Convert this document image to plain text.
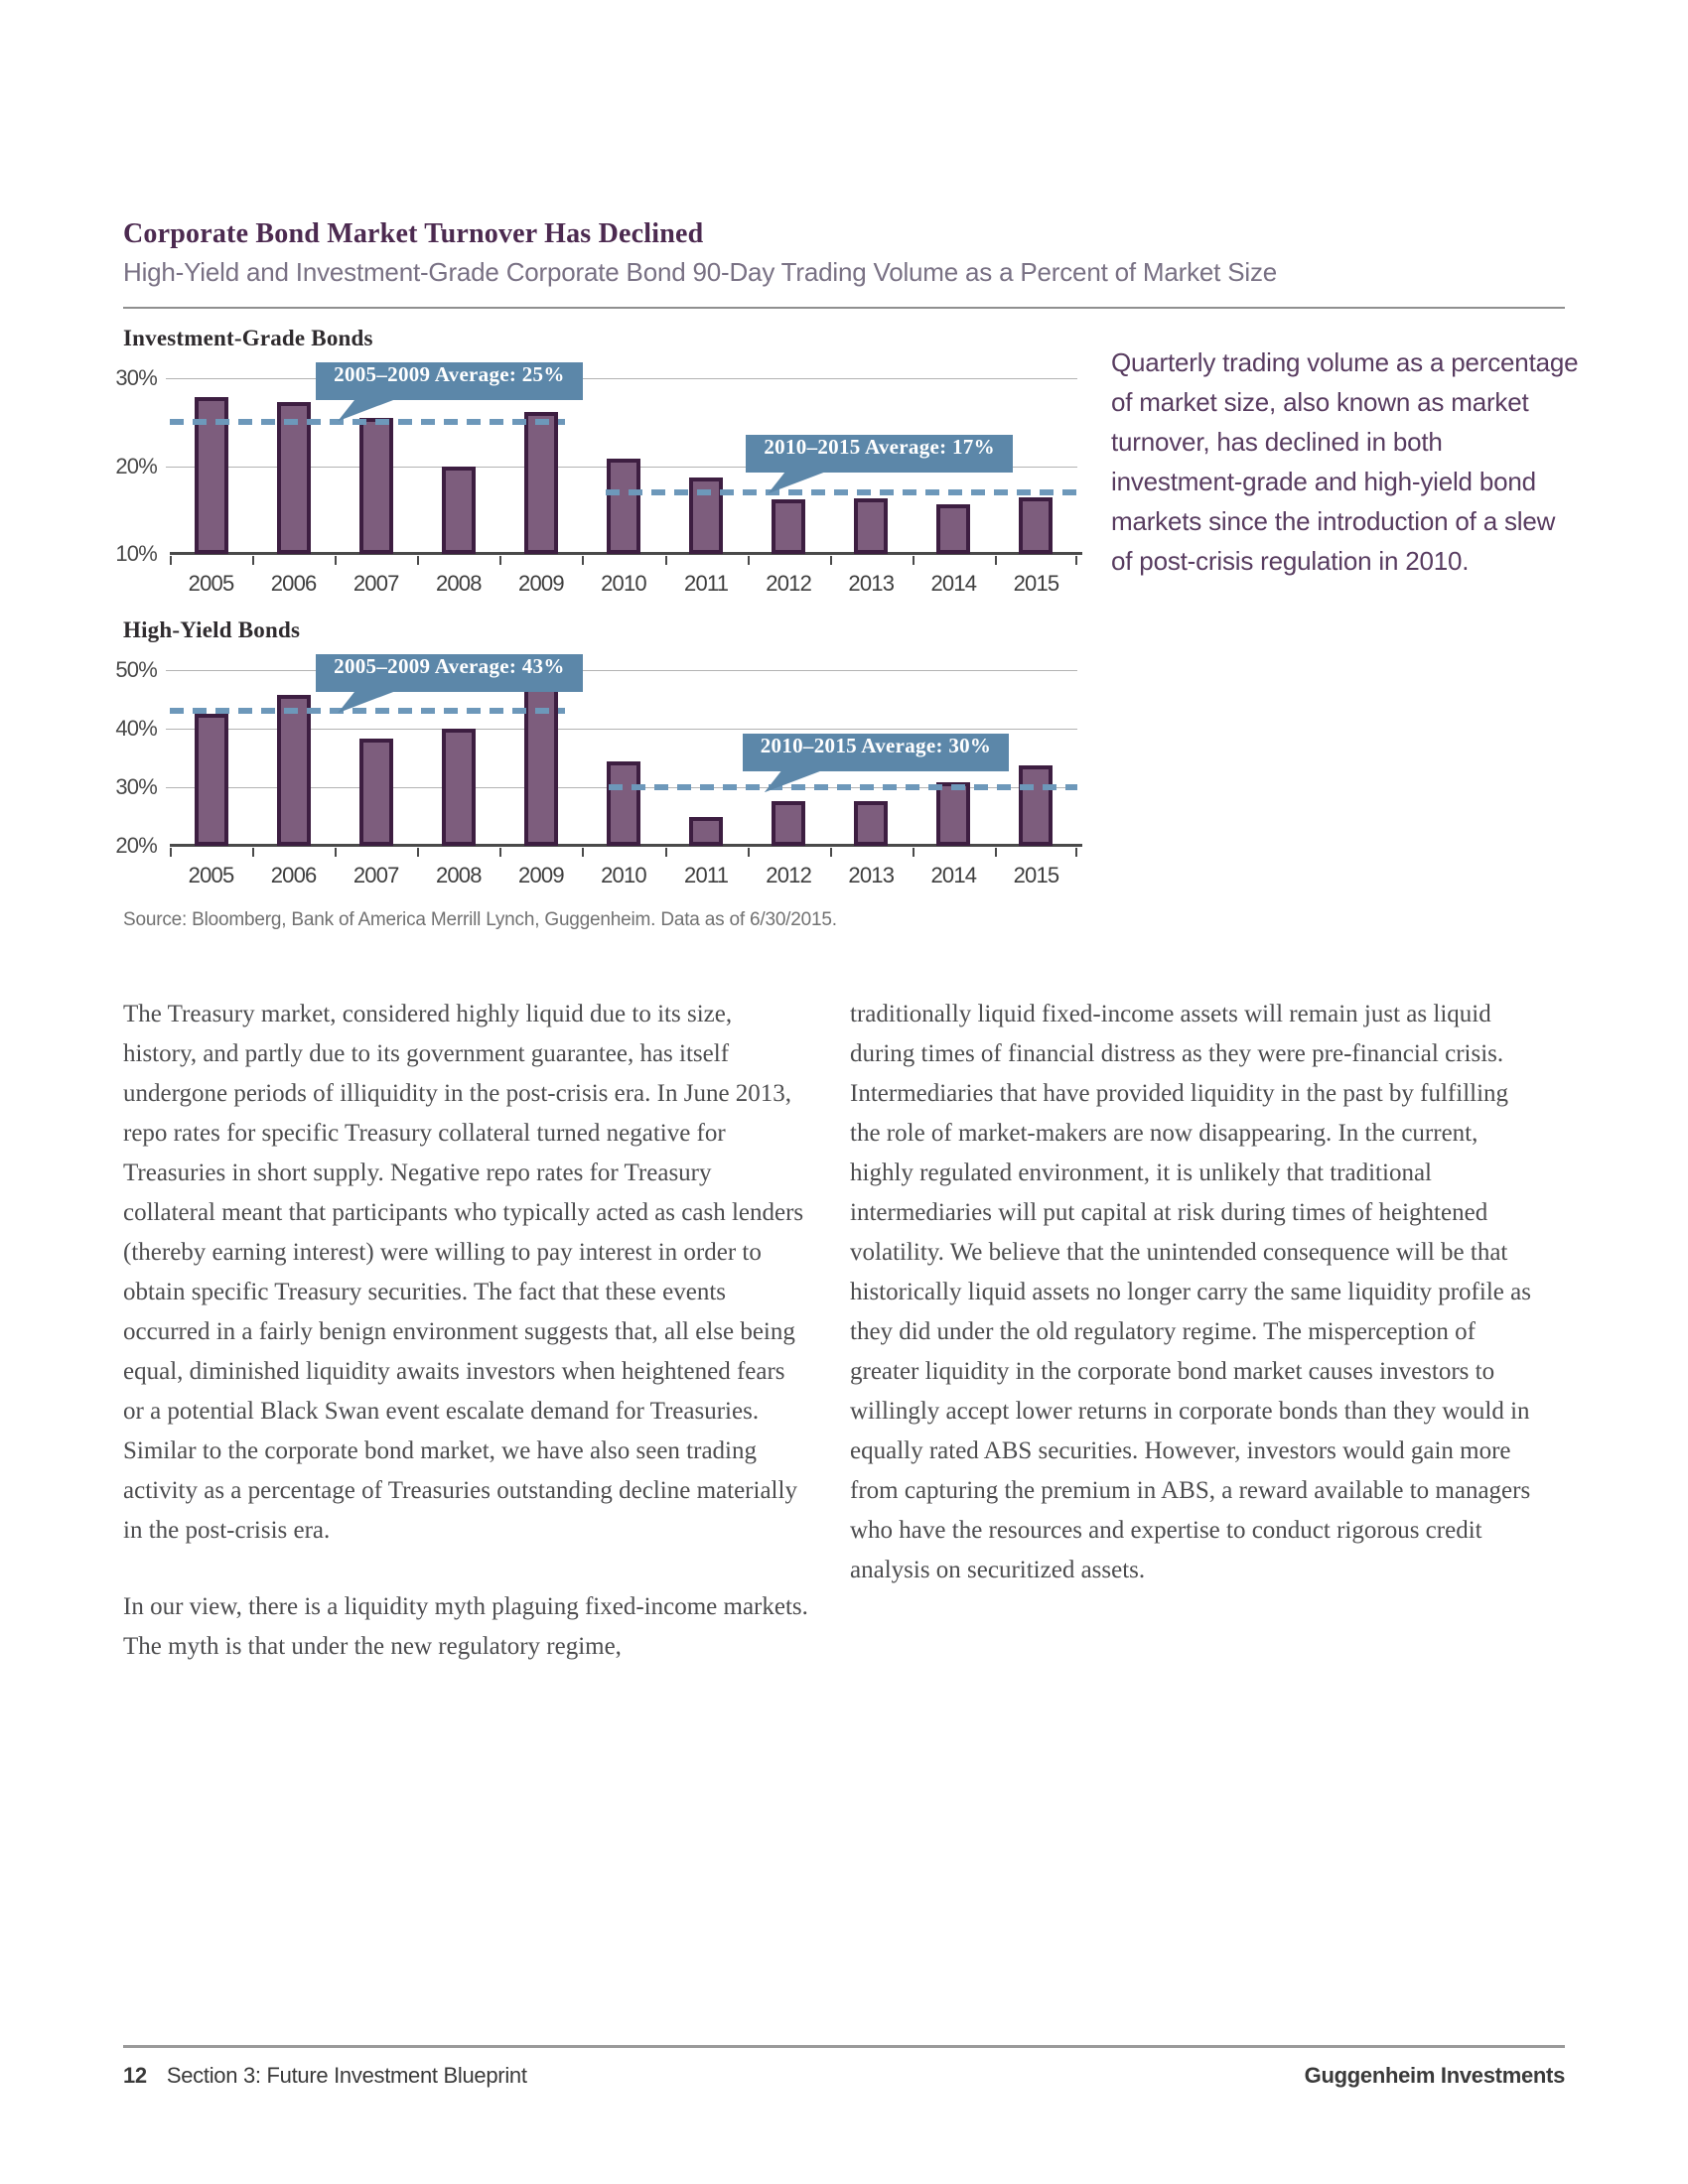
Corporate Bond Market Turnover Has Declined

High-Yield and Investment-Grade Corporate Bond 90-Day Trading Volume as a Percent of Market Size

Investment-Grade Bonds
10%
20%
30%
2005 2006 2007 2008 2009 2010 2011 2012 2013 2014 2015
2005–2009 Average: 25%
2010–2015 Average: 17%
High-Yield Bonds
20%
30%
40%
50%
2005 2006 2007 2008 2009 2010 2011 2012 2013 2014 2015
2005–2009 Average: 43%
2010–2015 Average: 30%

Source: Bloomberg, Bank of America Merrill Lynch, Guggenheim. Data as of 6/30/2015.

Quarterly trading volume as a percentage of market size, also known as market turnover, has declined in both investment-grade and high-yield bond markets since the introduction of a slew of post-crisis regulation in 2010.

The Treasury market, considered highly liquid due to its size, history, and partly due to its government guarantee, has itself undergone periods of illiquidity in the post-crisis era. In June 2013, repo rates for specific Treasury collateral turned negative for Treasuries in short supply. Negative repo rates for Treasury collateral meant that participants who typically acted as cash lenders (thereby earning interest) were willing to pay interest in order to obtain specific Treasury securities. The fact that these events occurred in a fairly benign environment suggests that, all else being equal, diminished liquidity awaits investors when heightened fears or a potential Black Swan event escalate demand for Treasuries. Similar to the corporate bond market, we have also seen trading activity as a percentage of Treasuries outstanding decline materially in the post-crisis era.

In our view, there is a liquidity myth plaguing fixed-income markets. The myth is that under the new regulatory regime,

traditionally liquid fixed-income assets will remain just as liquid during times of financial distress as they were pre-financial crisis. Intermediaries that have provided liquidity in the past by fulfilling the role of market-makers are now disappearing. In the current, highly regulated environment, it is unlikely that traditional intermediaries will put capital at risk during times of heightened volatility. We believe that the unintended consequence will be that historically liquid assets no longer carry the same liquidity profile as they did under the old regulatory regime. The misperception of greater liquidity in the corporate bond market causes investors to willingly accept lower returns in corporate bonds than they would in equally rated ABS securities. However, investors would gain more from capturing the premium in ABS, a reward available to managers who have the resources and expertise to conduct rigorous credit analysis on securitized assets.

12 Section 3: Future Investment Blueprint	Guggenheim Investments
